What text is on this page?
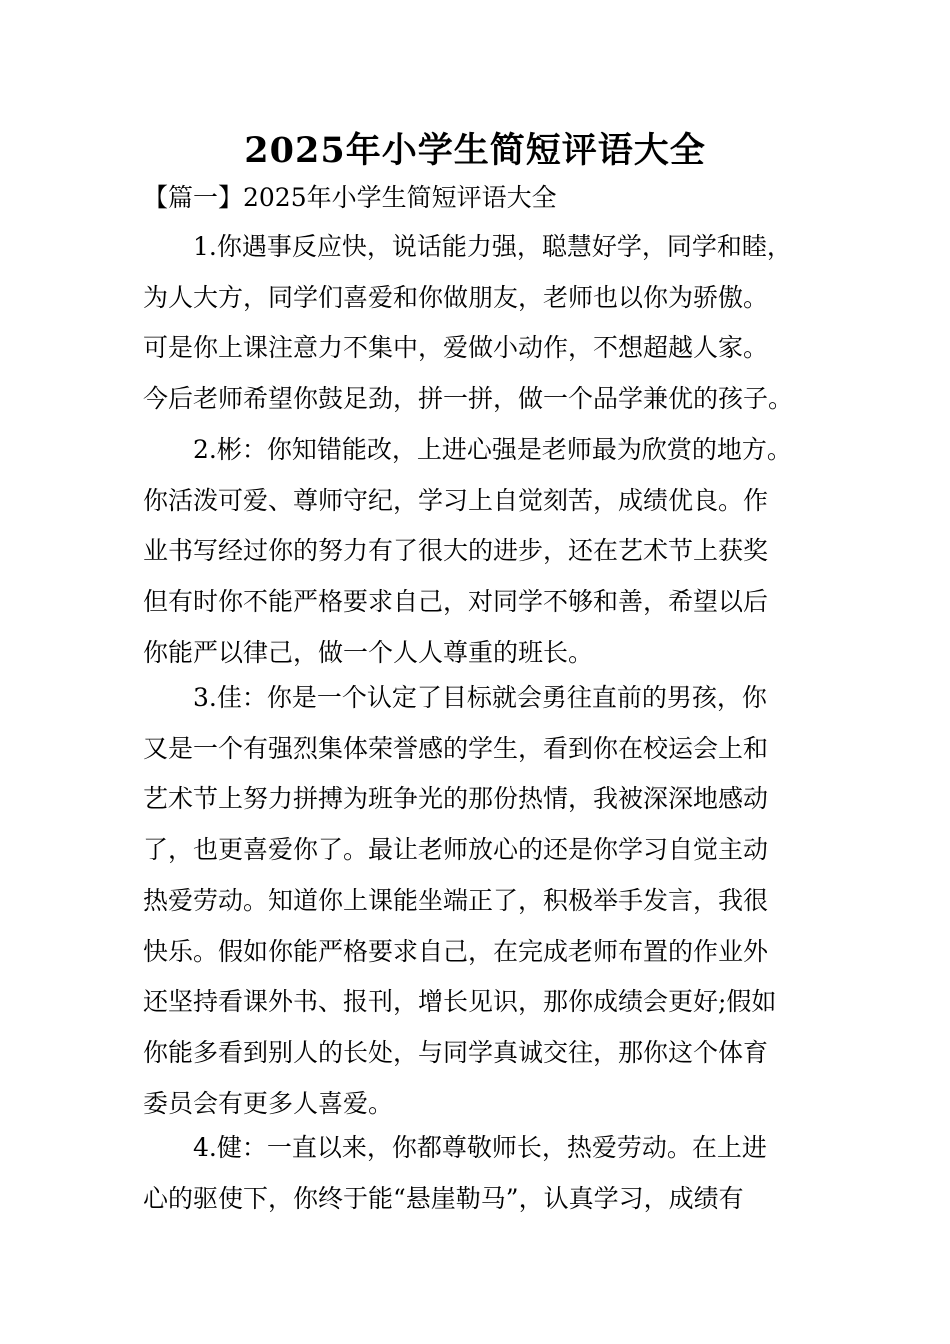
2025年小学生简短评语大全
【篇一】2025年小学生简短评语大全
1.你遇事反应快，说话能力强，聪慧好学，同学和睦，
为人大方，同学们喜爱和你做朋友，老师也以你为骄傲。
可是你上课注意力不集中，爱做小动作，不想超越人家。
今后老师希望你鼓足劲，拼一拼，做一个品学兼优的孩子。
2.彬：你知错能改，上进心强是老师最为欣赏的地方。
你活泼可爱、尊师守纪，学习上自觉刻苦，成绩优良。作
业书写经过你的努力有了很大的进步，还在艺术节上获奖
但有时你不能严格要求自己，对同学不够和善，希望以后
你能严以律己，做一个人人尊重的班长。
3.佳：你是一个认定了目标就会勇往直前的男孩，你
又是一个有强烈集体荣誉感的学生，看到你在校运会上和
艺术节上努力拼搏为班争光的那份热情，我被深深地感动
了，也更喜爱你了。最让老师放心的还是你学习自觉主动
热爱劳动。知道你上课能坐端正了，积极举手发言，我很
快乐。假如你能严格要求自己，在完成老师布置的作业外
还坚持看课外书、报刊，增长见识，那你成绩会更好;假如
你能多看到别人的长处，与同学真诚交往，那你这个体育
委员会有更多人喜爱。
4.健：一直以来，你都尊敬师长，热爱劳动。在上进
心的驱使下，你终于能“悬崖勒马”，认真学习，成绩有
